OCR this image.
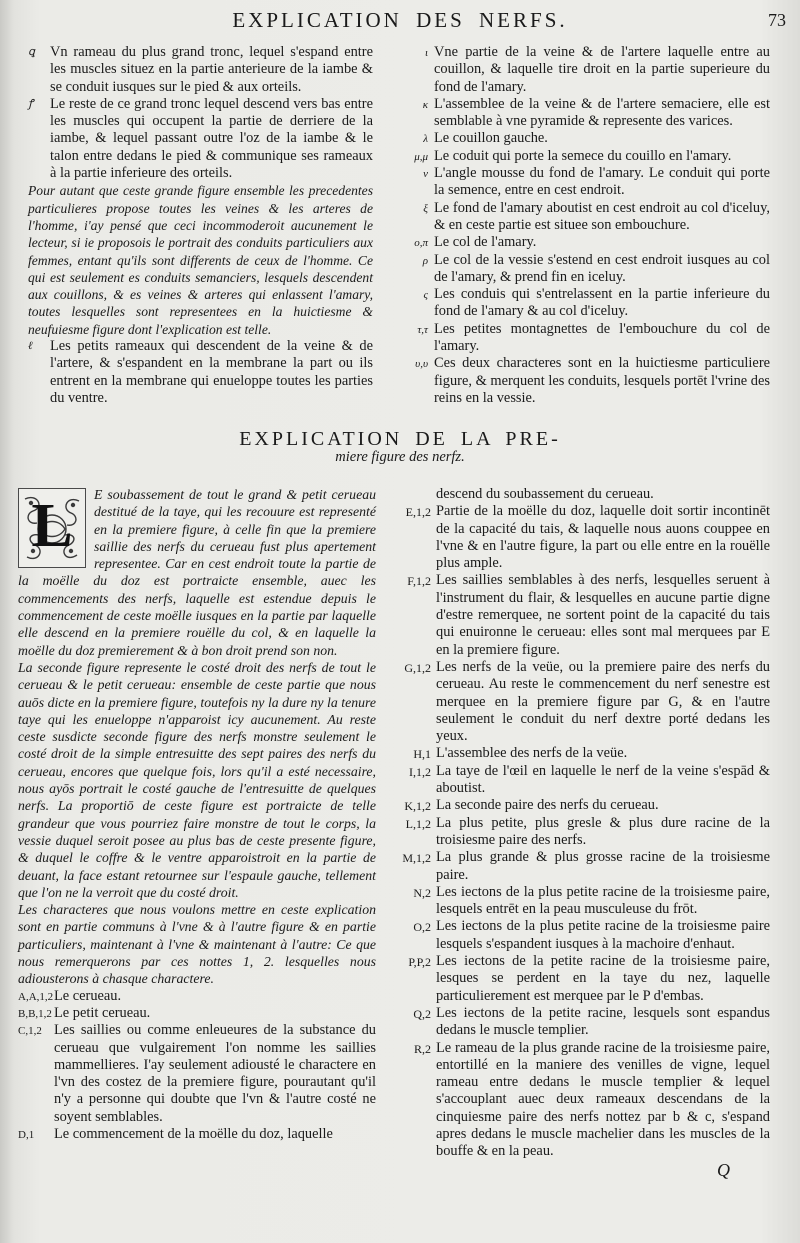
EXPLICATION DES NERFS.	73

ꝗ	Vn rameau du plus grand tronc, lequel s'espand entre les muscles situez en la partie anterieure de la iambe & se conduit iusques sur le pied & aux orteils.

ꝭ	Le reste de ce grand tronc lequel descend vers bas entre les muscles qui occupent la partie de derriere de la iambe, & lequel passant outre l'oz de la iambe & le talon entre dedans le pied & communique ses rameaux à la partie inferieure des orteils.

Pour autant que ceste grande figure ensemble les precedentes particulieres propose toutes les veines & les arteres de l'homme, i'ay pensé que ceci incommoderoit aucunement le lecteur, si ie proposois le portrait des conduits particuliers aux femmes, entant qu'ils sont differents de ceux de l'homme. Ce qui est seulement es conduits semanciers, lesquels descendent aux couillons, & es veines & arteres qui enlassent l'amary, toutes lesquelles sont representees en la huictiesme & neufuiesme figure dont l'explication est telle.

ℓ	Les petits rameaux qui descendent de la veine & de l'artere, & s'espandent en la membrane la part ou ils entrent en la membrane qui enueloppe toutes les parties du ventre.

ι Vne partie de la veine & de l'artere laquelle entre au couillon, & laquelle tire droit en la partie superieure du fond de l'amary.

κ L'assemblee de la veine & de l'artere semaciere, elle est semblable à vne pyramide & represente des varices.

λ Le couillon gauche.

μ,μ Le coduit qui porte la semece du couillo en l'amary.

ν L'angle mousse du fond de l'amary. Le conduit qui porte la semence, entre en cest endroit.

ξ Le fond de l'amary aboutist en cest endroit au col d'iceluy, & en ceste partie est situee son embouchure.

ο,π Le col de l'amary.

ρ Le col de la vessie s'estend en cest endroit iusques au col de l'amary, & prend fin en iceluy.

ς Les conduis qui s'entrelassent en la partie inferieure du fond de l'amary & au col d'iceluy.

τ,τ Les petites montagnettes de l'embouchure du col de l'amary.

υ,υ Ces deux characteres sont en la huictiesme particuliere figure, & merquent les conduits, lesquels portēt l'vrine des reins en la vessie.

EXPLICATION DE LA PRE-
miere figure des nerfz.
L	E soubassement de tout le grand & petit cerueau destitué de la taye, qui les recouure est representé en la premiere figure, à celle fin que la premiere saillie des nerfs du cerueau fust plus apertement representee. Car en cest endroit toute la partie de la moëlle du doz est portraicte ensemble, auec les commencements des nerfs, laquelle est estendue depuis le commencement de ceste moëlle iusques en la partie par laquelle elle descend en la premiere rouëlle du col, & en laquelle la moëlle du doz premierement & à bon droit prend son non.

La seconde figure represente le costé droit des nerfs de tout le cerueau & le petit cerueau: ensemble de ceste partie que nous auōs dicte en la premiere figure, toutefois ny la dure ny la tenure taye qui les enueloppe n'apparoist icy aucunement. Au reste ceste susdicte seconde figure des nerfs monstre seulement le costé droit de la simple entresuitte des sept paires des nerfs du cerueau, encores que quelque fois, lors qu'il a esté necessaire, nous ayōs portrait le costé gauche de l'entresuitte de quelques nerfs. La proportiō de ceste figure est portraicte de telle grandeur que vous pourriez faire monstre de tout le corps, la vessie duquel seroit posee au plus bas de ceste presente figure, & duquel le coffre & le ventre apparoistroit en la partie de deuant, la face estant retournee sur l'espaule gauche, tellement que l'on ne la verroit que du costé droit.

Les characteres que nous voulons mettre en ceste explication sont en partie communs à l'vne & à l'autre figure & en partie particuliers, maintenant à l'vne & maintenant à l'autre: Ce que nous remerquerons par ces nottes 1, 2. lesquelles nous adiousterons à chasque charactere.

A,A,1,2 Le cerueau.

B,B,1,2 Le petit cerueau.

C,1,2 Les saillies ou comme enleueures de la substance du cerueau que vulgairement l'on nomme les saillies mammellieres. I'ay seulement adiousté le charactere en l'vn des costez de la premiere figure, pourautant qu'il n'y a personne qui doubte que l'vn & l'autre costé ne soyent semblables.

D,1	Le commencement de la moëlle du doz, laquelle

descend du soubassement du cerueau.

E,1,2 Partie de la moëlle du doz, laquelle doit sortir incontinēt de la capacité du tais, & laquelle nous auons couppee en l'vne & en l'autre figure, la part ou elle entre en la rouëlle plus ample.

F,1,2 Les saillies semblables à des nerfs, lesquelles seruent à l'instrument du flair, & lesquelles en aucune partie digne d'estre remerquee, ne sortent point de la capacité du tais qui enuironne le cerueau: elles sont mal merquees par E en la premiere figure.

G,1,2 Les nerfs de la veüe, ou la premiere paire des nerfs du cerueau. Au reste le commencement du nerf senestre est merquee en la premiere figure par G, & en l'autre seulement le conduit du nerf dextre porté dedans les yeux.

H,1 L'assemblee des nerfs de la veüe.

I,1,2 La taye de l'œil en laquelle le nerf de la veine s'espād & aboutist.

K,1,2 La seconde paire des nerfs du cerueau.

L,1,2 La plus petite, plus gresle & plus dure racine de la troisiesme paire des nerfs.

M,1,2 La plus grande & plus grosse racine de la troisiesme paire.

N,2 Les iectons de la plus petite racine de la troisiesme paire, lesquels entrēt en la peau musculeuse du frōt.

O,2 Les iectons de la plus petite racine de la troisiesme paire lesquels s'espandent iusques à la machoire d'enhaut.

P,P,2 Les iectons de la petite racine de la troisiesme paire, lesques se perdent en la taye du nez, laquelle particulierement est merquee par le P d'embas.

Q,2 Les iectons de la petite racine, lesquels sont espandus dedans le muscle templier.

R,2 Le rameau de la plus grande racine de la troisiesme paire, entortillé en la maniere des venilles de vigne, lequel rameau entre dedans le muscle templier & lequel s'accouplant auec deux rameaux descendans de la cinquiesme paire des nerfs nottez par b & c, s'espand apres dedans le muscle machelier dans les muscles de la bouffe & en la peau.

Q
